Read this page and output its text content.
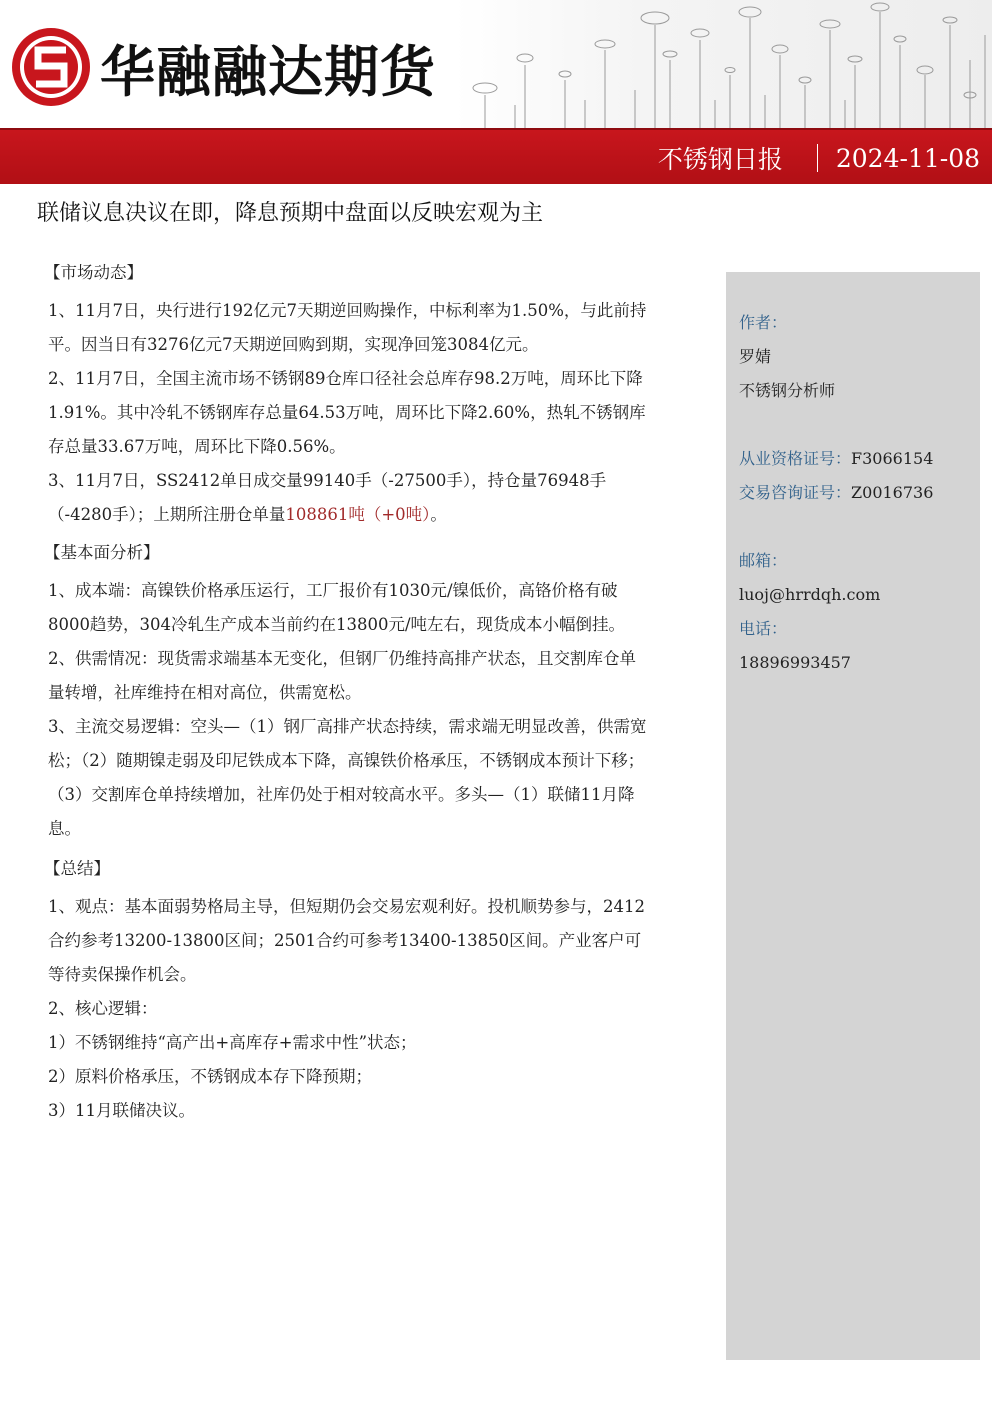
华融融达期货
不锈钢日报 2024-11-08
联储议息决议在即，降息预期中盘面以反映宏观为主
【市场动态】

1、11月7日，央行进行192亿元7天期逆回购操作，中标利率为1.50%，与此前持平。因当日有3276亿元7天期逆回购到期，实现净回笼3084亿元。

2、11月7日，全国主流市场不锈钢89仓库口径社会总库存98.2万吨，周环比下降1.91%。其中冷轧不锈钢库存总量64.53万吨，周环比下降2.60%，热轧不锈钢库存总量33.67万吨，周环比下降0.56%。

3、11月7日，SS2412单日成交量99140手（-27500手），持仓量76948手（-4280手）；上期所注册仓单量108861吨（+0吨）。

【基本面分析】

1、成本端：高镍铁价格承压运行，工厂报价有1030元/镍低价，高铬价格有破8000趋势，304冷轧生产成本当前约在13800元/吨左右，现货成本小幅倒挂。

2、供需情况：现货需求端基本无变化，但钢厂仍维持高排产状态，且交割库仓单量转增，社库维持在相对高位，供需宽松。

3、主流交易逻辑：空头—（1）钢厂高排产状态持续，需求端无明显改善，供需宽松；（2）随期镍走弱及印尼铁成本下降，高镍铁价格承压，不锈钢成本预计下移；（3）交割库仓单持续增加，社库仍处于相对较高水平。多头—（1）联储11月降息。

【总结】

1、观点：基本面弱势格局主导，但短期仍会交易宏观利好。投机顺势参与，2412合约参考13200-13800区间；2501合约可参考13400-13850区间。产业客户可等待卖保操作机会。

2、核心逻辑：

1）不锈钢维持“高产出+高库存+需求中性”状态；

2）原料价格承压，不锈钢成本存下降预期；

3）11月联储决议。

作者：
罗婧
不锈钢分析师
从业资格证号：F3066154
交易咨询证号：Z0016736
邮箱：
luoj@hrrdqh.com
电话：
18896993457
